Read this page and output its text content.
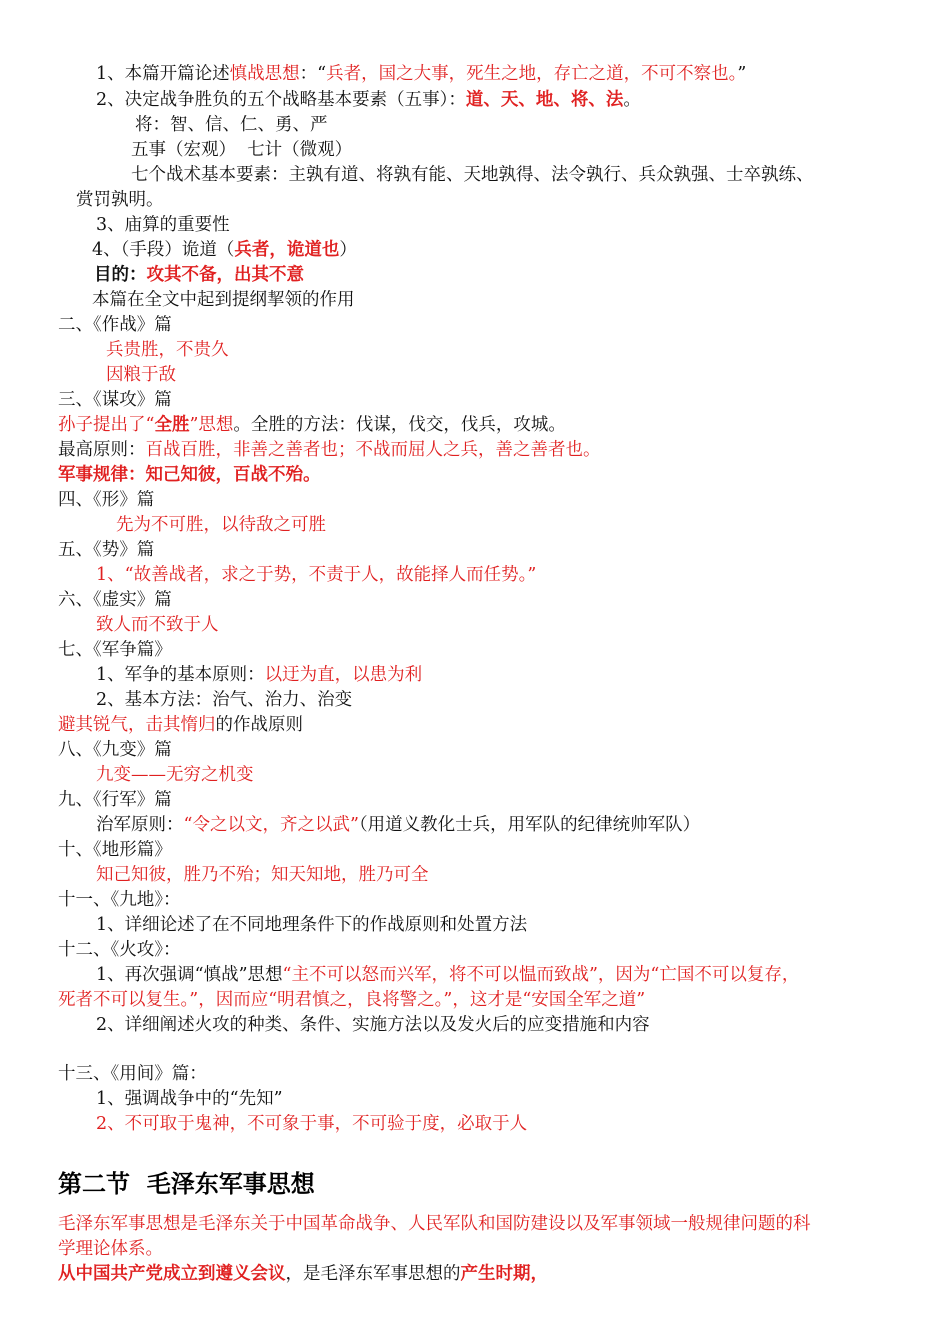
1、本篇开篇论述慎战思想：“兵者，国之大事，死生之地，存亡之道，不可不察也。”
2、决定战争胜负的五个战略基本要素（五事）：道、天、地、将、法。
将：智、信、仁、勇、严
五事（宏观）  七计（微观）
七个战术基本要素：主孰有道、将孰有能、天地孰得、法令孰行、兵众孰强、士卒孰练、
赏罚孰明。
3、庙算的重要性
4、（手段）诡道（兵者，诡道也）
目的：攻其不备，出其不意
本篇在全文中起到提纲挈领的作用
二、《作战》篇
兵贵胜，不贵久
因粮于敌
三、《谋攻》篇
孙子提出了“全胜”思想。全胜的方法：伐谋，伐交，伐兵，攻城。
最高原则：百战百胜，非善之善者也；不战而屈人之兵，善之善者也。
军事规律：知己知彼，百战不殆。
四、《形》篇
先为不可胜，以待敌之可胜
五、《势》篇
1、“故善战者，求之于势，不责于人，故能择人而任势。”
六、《虚实》篇
致人而不致于人
七、《军争篇》
1、军争的基本原则：以迂为直，以患为利
2、基本方法：治气、治力、治变
避其锐气，击其惰归的作战原则
八、《九变》篇
九变——无穷之机变
九、《行军》篇
治军原则：“令之以文，齐之以武”（用道义教化士兵，用军队的纪律统帅军队）
十、《地形篇》
知己知彼，胜乃不殆；知天知地，胜乃可全
十一、《九地》：
1、详细论述了在不同地理条件下的作战原则和处置方法
十二、《火攻》：
1、再次强调“慎战”思想“主不可以怒而兴军，将不可以愠而致战”，因为“亡国不可以复存，
死者不可以复生。”，因而应“明君慎之，良将警之。”，这才是“安国全军之道”
2、详细阐述火攻的种类、条件、实施方法以及发火后的应变措施和内容
十三、《用间》篇：
1、强调战争中的“先知”
2、不可取于鬼神，不可象于事，不可验于度，必取于人
第二节  毛泽东军事思想
毛泽东军事思想是毛泽东关于中国革命战争、人民军队和国防建设以及军事领域一般规律问题的科
学理论体系。
从中国共产党成立到遵义会议，是毛泽东军事思想的产生时期，
